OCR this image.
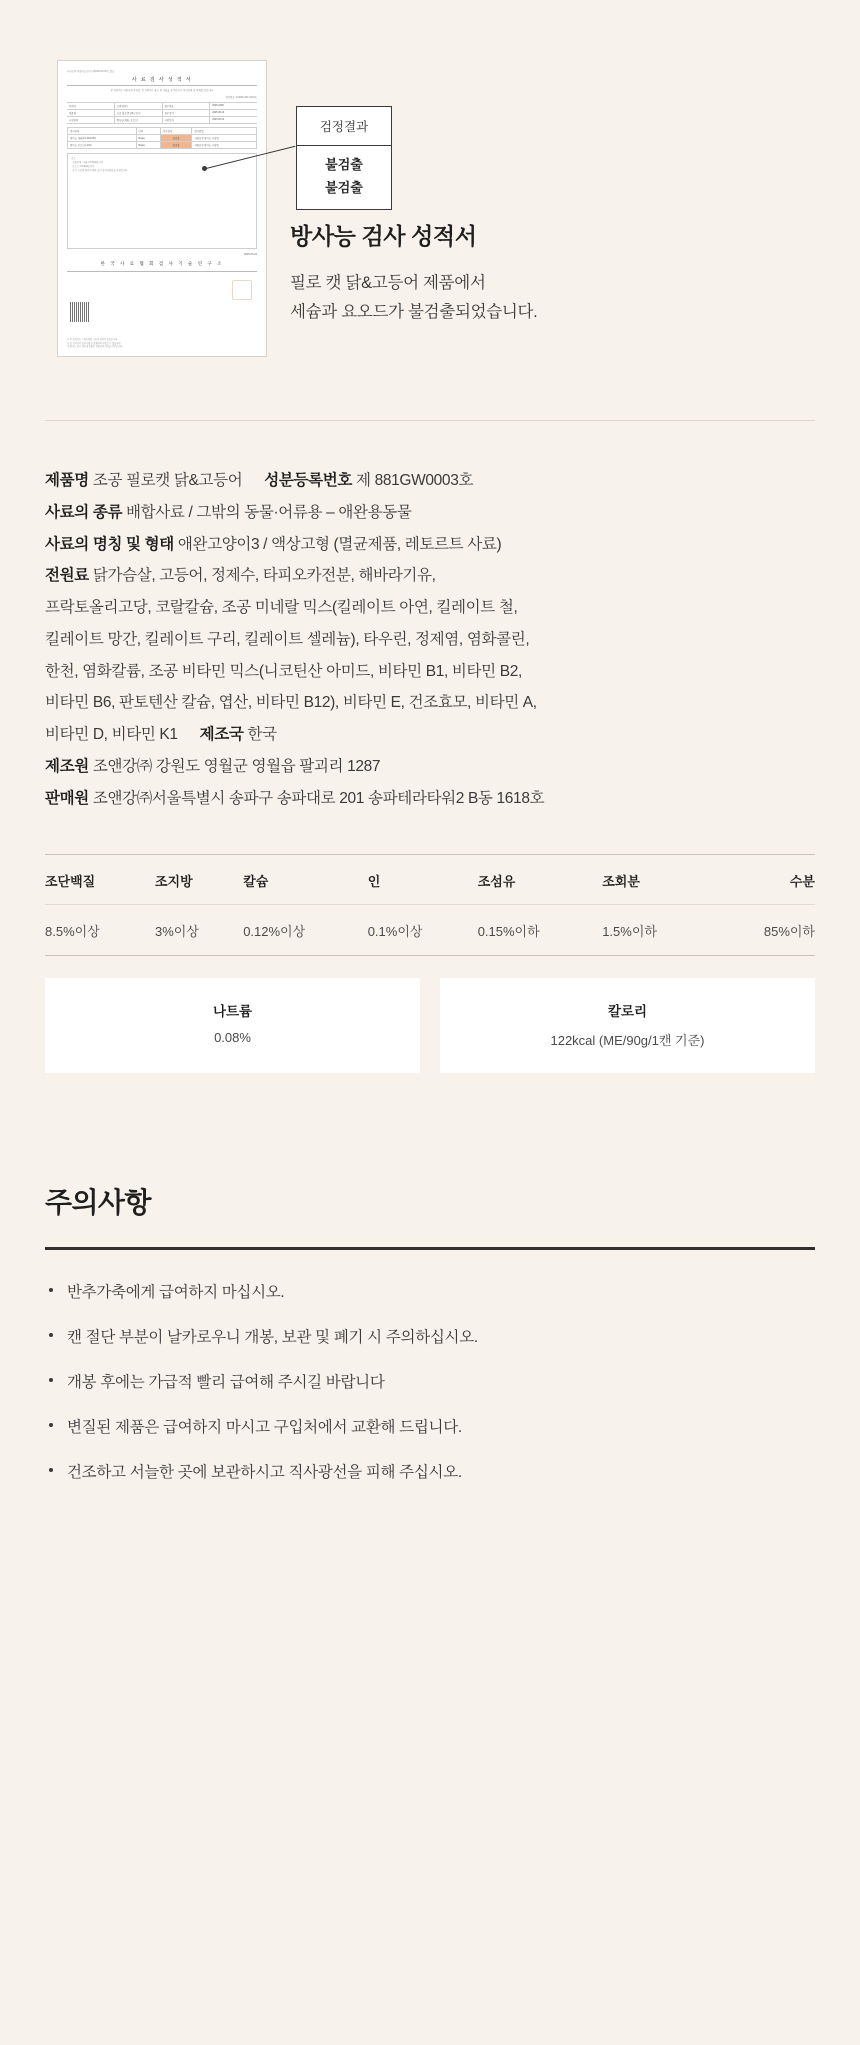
시험성적서(방사능검사) 제0000-00-00호 발급
사 료 검 사 성 적 서
본 성적서는 의뢰시료에 한함, 본 성적서는 용도 외 사용을 금지합니다. 무단전재 및 복제를 금합니다.
검정번호 제 2025-A01-0722호
의뢰자	조앤강(주)	접수번호	2025-0438
제품명	조공 필로캣 닭&고등어	접수일자	2025.06.20
시험항목	방사능(세슘, 요오드)	시험일자	2025.06.24
검사항목	단위	검사결과	검사방법
방사능 세슘(Cs-134/137)	Bq/kg	불검출	식품공전 방사능 시험법
방사능 요오드(I-131)	Bq/kg	불검출	식품공전 방사능 시험법
비고
· 검출한계 : 세슘 0.5 Bq/kg 이하
· 요오드 0.5 Bq/kg 이하
· 상기 시료에 대하여 위와 같이 검사하였음을 증명합니다.
2025.06.24
한 국 사 료 협 회 검 사 기 술 연 구 소
※ 본 성적서는 시험의뢰된 시료에 한하여 유효합니다.
※ 본 성적서의 일부 내용을 발췌하여 사용할 수 없습니다.
※ 방사능 검사 결과 불검출은 검출한계 미만을 의미합니다.
검정결과
불검출
불검출
방사능 검사 성적서

필로 캣 닭&고등어 제품에서

세슘과 요오드가 불검출되었습니다.

제품명 조공 필로캣 닭&고등어 성분등록번호 제 881GW0003호
사료의 종류 배합사료 / 그밖의 동물·어류용 – 애완용동물
사료의 명칭 및 형태 애완고양이3 / 액상고형 (멸균제품, 레토르트 사료)
전원료 닭가슴살, 고등어, 정제수, 타피오카전분, 해바라기유,
프락토올리고당, 코랄칼슘, 조공 미네랄 믹스(킬레이트 아연, 킬레이트 철,
킬레이트 망간, 킬레이트 구리, 킬레이트 셀레늄), 타우린, 정제염, 염화콜린,
한천, 염화칼륨, 조공 비타민 믹스(니코틴산 아미드, 비타민 B1, 비타민 B2,
비타민 B6, 판토텐산 칼슘, 엽산, 비타민 B12), 비타민 E, 건조효모, 비타민 A,
비타민 D, 비타민 K1 제조국 한국
제조원 조앤강㈜ 강원도 영월군 영월읍 팔괴리 1287
판매원 조앤강㈜서울특별시 송파구 송파대로 201 송파테라타워2 B동 1618호
조단백질	조지방	칼슘	인	조섬유	조회분	수분
8.5%이상	3%이상	0.12%이상	0.1%이상	0.15%이하	1.5%이하	85%이하
나트륨
0.08%
칼로리
122kcal (ME/90g/1캔 기준)
주의사항
반추가축에게 급여하지 마십시오.
캔 절단 부분이 날카로우니 개봉, 보관 및 폐기 시 주의하십시오.
개봉 후에는 가급적 빨리 급여해 주시길 바랍니다
변질된 제품은 급여하지 마시고 구입처에서 교환해 드립니다.
건조하고 서늘한 곳에 보관하시고 직사광선을 피해 주십시오.
